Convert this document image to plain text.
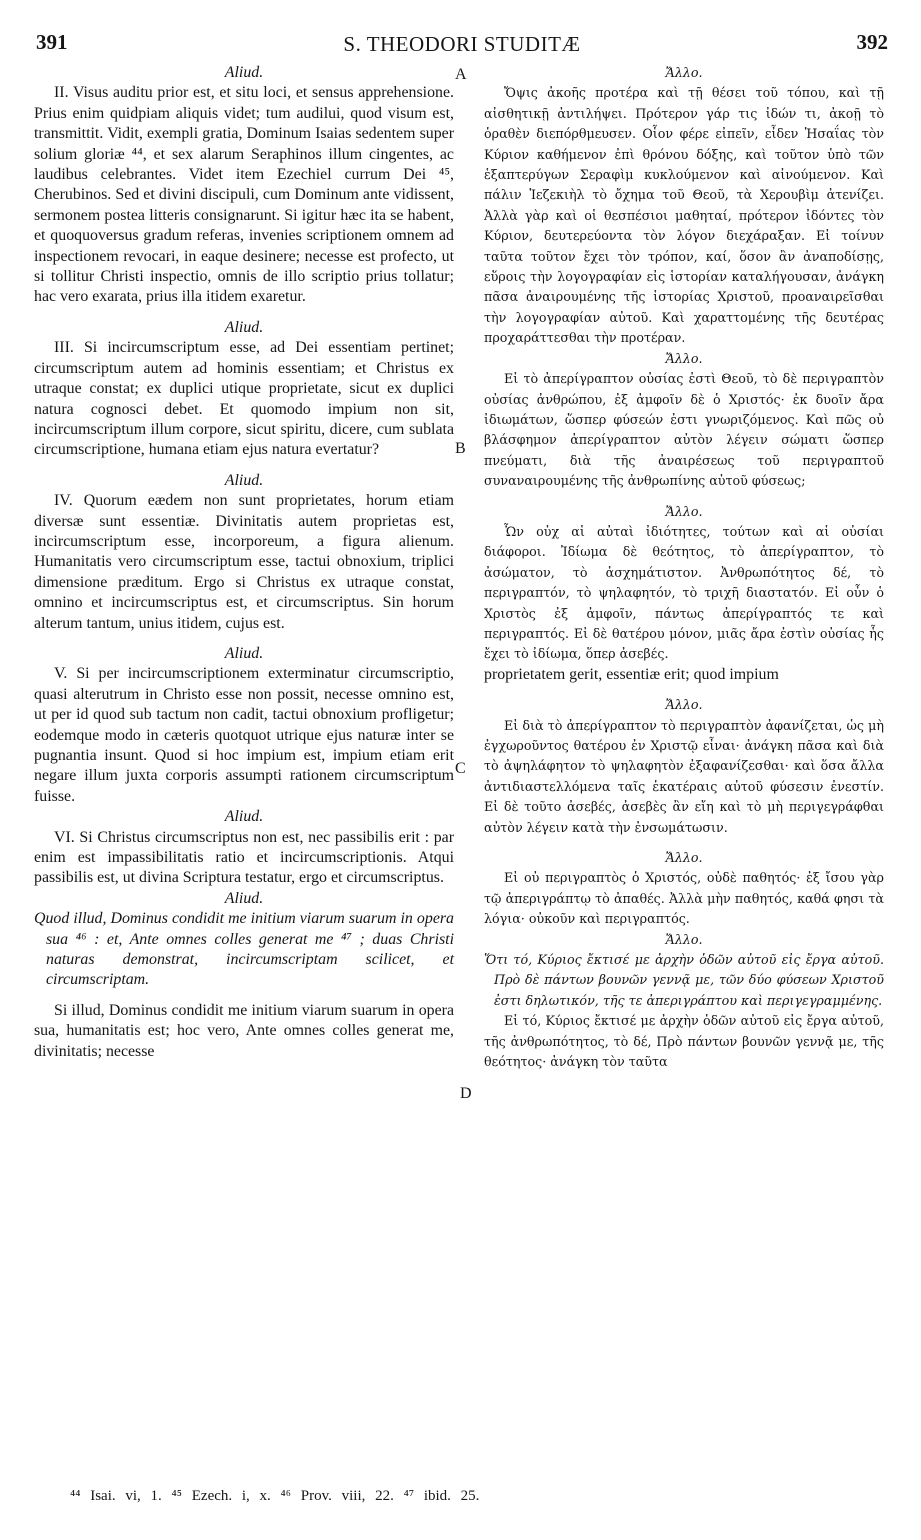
391	S. THEODORI STUDITÆ	392
A
B
C
D

Aliud.

II. Visus auditu prior est, et situ loci, et sensus apprehensione. Prius enim quidpiam aliquis videt; tum audilui, quod visum est, transmittit. Vidit, exempli gratia, Dominum Isaias sedentem super solium gloriæ ⁴⁴, et sex alarum Seraphinos illum cingentes, ac laudibus celebrantes. Videt item Ezechiel currum Dei ⁴⁵, Cherubinos. Sed et divini discipuli, cum Dominum ante vidissent, sermonem postea litteris consignarunt. Si igitur hæc ita se habent, et quoquoversus gradum referas, invenies scriptionem omnem ad inspectionem revocari, in eaque desinere; necesse est profecto, ut si tollitur Christi inspectio, omnis de illo scriptio prius tollatur; hac vero exarata, prius illa itidem exaretur.

Aliud.

III. Si incircumscriptum esse, ad Dei essentiam pertinet; circumscriptum autem ad hominis essentiam; et Christus ex utraque constat; ex duplici utique proprietate, sicut ex duplici natura cognosci debet. Et quomodo impium non sit, incircumscriptum illum corpore, sicut spiritu, dicere, cum sublata circumscriptione, humana etiam ejus natura evertatur?

Aliud.

IV. Quorum eædem non sunt proprietates, horum etiam diversæ sunt essentiæ. Divinitatis autem proprietas est, incircumscriptum esse, incorporeum, a figura alienum. Humanitatis vero circumscriptum esse, tactui obnoxium, triplici dimensione præditum. Ergo si Christus ex utraque constat, omnino et incircumscriptus est, et circumscriptus. Sin horum alterum tantum, unius itidem, cujus est.

Aliud.

V. Si per incircumscriptionem exterminatur circumscriptio, quasi alterutrum in Christo esse non possit, necesse omnino est, ut per id quod sub tactum non cadit, tactui obnoxium profligetur; eodemque modo in cæteris quotquot utrique ejus naturæ inter se pugnantia insunt. Quod si hoc impium est, impium etiam erit negare illum juxta corporis assumpti rationem circumscriptum fuisse.

Aliud.

VI. Si Christus circumscriptus non est, nec passibilis erit : par enim est impassibilitatis ratio et incircumscriptionis. Atqui passibilis est, ut divina Scriptura testatur, ergo et circumscriptus.

Aliud.

Quod illud, Dominus condidit me initium viarum suarum in opera sua ⁴⁶ : et, Ante omnes colles generat me ⁴⁷ ; duas Christi naturas demonstrat, incircumscriptam scilicet, et circumscriptam.

Si illud, Dominus condidit me initium viarum suarum in opera sua, humanitatis est; hoc vero, Ante omnes colles generat me, divinitatis; necesse

Ἄλλο.

Ὄψις ἀκοῆς προτέρα καὶ τῇ θέσει τοῦ τόπου, καὶ τῇ αἰσθητικῇ ἀντιλήψει. Πρότερον γάρ τις ἰδών τι, ἀκοῇ τὸ ὁραθὲν διεπόρθμευσεν. Οἷον φέρε εἰπεῖν, εἶδεν Ἡσαΐας τὸν Κύριον καθήμενον ἐπὶ θρόνου δόξης, καὶ τοῦτον ὑπὸ τῶν ἑξαπτερύγων Σεραφὶμ κυκλούμενον καὶ αἰνούμενον. Καὶ πάλιν Ἰεζεκιὴλ τὸ ὄχημα τοῦ Θεοῦ, τὰ Χερουβὶμ ἀτενίζει. Ἀλλὰ γὰρ καὶ οἱ θεσπέσιοι μαθηταί, πρότερον ἰδόντες τὸν Κύριον, δευτερεύοντα τὸν λόγον διεχάραξαν. Εἰ τοίνυν ταῦτα τοῦτον ἔχει τὸν τρόπον, καί, ὅσον ἂν ἀναποδίσῃς, εὕροις τὴν λογογραφίαν εἰς ἱστορίαν καταλήγουσαν, ἀνάγκη πᾶσα ἀναιρουμένης τῆς ἱστορίας Χριστοῦ, προαναιρεῖσθαι τὴν λογογραφίαν αὐτοῦ. Καὶ χαραττομένης τῆς δευτέρας προχαράττεσθαι τὴν προτέραν.

Ἄλλο.

Εἰ τὸ ἀπερίγραπτον οὐσίας ἐστὶ Θεοῦ, τὸ δὲ περιγραπτὸν οὐσίας ἀνθρώπου, ἐξ ἀμφοῖν δὲ ὁ Χριστός· ἐκ δυοῖν ἄρα ἰδιωμάτων, ὥσπερ φύσεών ἐστι γνωριζόμενος. Καὶ πῶς οὐ βλάσφημον ἀπερίγραπτον αὐτὸν λέγειν σώματι ὥσπερ πνεύματι, διὰ τῆς ἀναιρέσεως τοῦ περιγραπτοῦ συναναιρουμένης τῆς ἀνθρωπίνης αὐτοῦ φύσεως;

Ἄλλο.

Ὧν οὐχ αἱ αὐταὶ ἰδιότητες, τούτων καὶ αἱ οὐσίαι διάφοροι. Ἰδίωμα δὲ θεότητος, τὸ ἀπερίγραπτον, τὸ ἀσώματον, τὸ ἀσχημάτιστον. Ἀνθρωπότητος δέ, τὸ περιγραπτόν, τὸ ψηλαφητόν, τὸ τριχῆ διαστατόν. Εἰ οὖν ὁ Χριστὸς ἐξ ἀμφοῖν, πάντως ἀπερίγραπτός τε καὶ περιγραπτός. Εἰ δὲ θατέρου μόνον, μιᾶς ἄρα ἐστὶν οὐσίας ἧς ἔχει τὸ ἰδίωμα, ὅπερ ἀσεβές.

proprietatem gerit, essentiæ erit; quod impium

Ἄλλο.

Εἰ διὰ τὸ ἀπερίγραπτον τὸ περιγραπτὸν ἀφανίζεται, ὡς μὴ ἐγχωροῦντος θατέρου ἐν Χριστῷ εἶναι· ἀνάγκη πᾶσα καὶ διὰ τὸ ἀψηλάφητον τὸ ψηλαφητὸν ἐξαφανίζεσθαι· καὶ ὅσα ἄλλα ἀντιδιαστελλόμενα ταῖς ἑκατέραις αὐτοῦ φύσεσιν ἐνεστίν. Εἰ δὲ τοῦτο ἀσεβές, ἀσεβὲς ἂν εἴη καὶ τὸ μὴ περιγεγράφθαι αὐτὸν λέγειν κατὰ τὴν ἐνσωμάτωσιν.

Ἄλλο.

Εἰ οὐ περιγραπτὸς ὁ Χριστός, οὐδὲ παθητός· ἐξ ἴσου γὰρ τῷ ἀπεριγράπτῳ τὸ ἀπαθές. Ἀλλὰ μὴν παθητός, καθά φησι τὰ λόγια· οὐκοῦν καὶ περιγραπτός.

Ἄλλο.

Ὅτι τό, Κύριος ἔκτισέ με ἀρχὴν ὁδῶν αὐτοῦ εἰς ἔργα αὐτοῦ. Πρὸ δὲ πάντων βουνῶν γεννᾷ με, τῶν δύο φύσεων Χριστοῦ ἐστι δηλωτικόν, τῆς τε ἀπεριγράπτου καὶ περιγεγραμμένης.

Εἰ τό, Κύριος ἔκτισέ με ἀρχὴν ὁδῶν αὐτοῦ εἰς ἔργα αὐτοῦ, τῆς ἀνθρωπότητος, τὸ δέ, Πρὸ πάντων βουνῶν γεννᾷ με, τῆς θεότητος· ἀνάγκη τὸν ταῦτα

⁴⁴ Isai. vi, 1. ⁴⁵ Ezech. i, x. ⁴⁶ Prov. viii, 22. ⁴⁷ ibid. 25.
